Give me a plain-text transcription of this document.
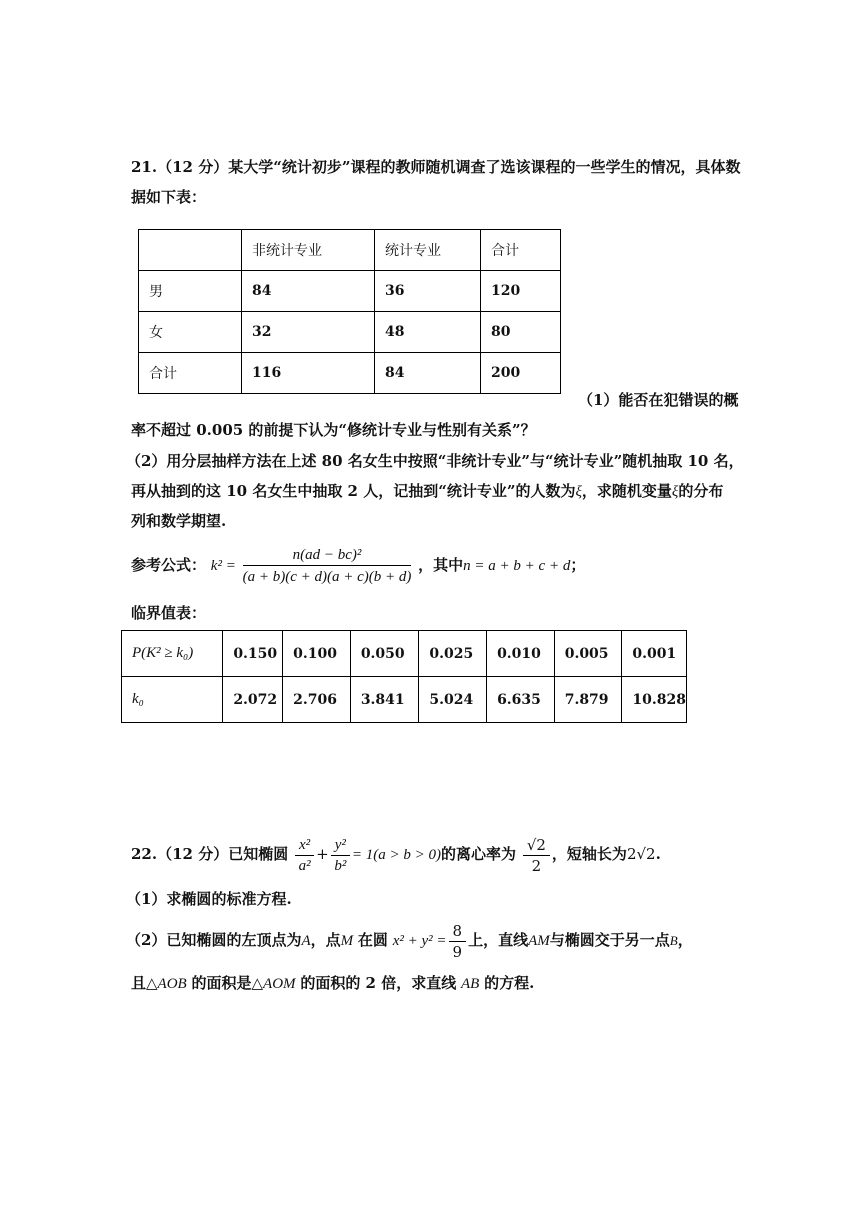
21.（12 分）某大学“统计初步”课程的教师随机调查了选该课程的一些学生的情况，具体数
据如下表：
	非统计专业	统计专业	合计
男	84	36	120
女	32	48	80
合计	116	84	200
（1）能否在犯错误的概
率不超过 0.005 的前提下认为“修统计专业与性别有关系”？
（2）用分层抽样方法在上述 80 名女生中按照“非统计专业”与“统计专业”随机抽取 10 名，
再从抽到的这 10 名女生中抽取 2 人，记抽到“统计专业”的人数为ξ，求随机变量ξ的分布
列和数学期望.
参考公式： $k^2 = \frac{\text{n(ad − bc)²}}{(a + b)(c + d)(a + c)(b + d)}$ ，其中n = a + b + c + d；
临界值表：
P(K² ≥ k₀)	0.150	0.100	0.050	0.025	0.010	0.005	0.001
k₀	2.072	2.706	3.841	5.024	6.635	7.879	10.828
22.（12 分）已知椭圆 $\frac{\text{x²}}{\text{a²}} + \frac{\text{y²}}{\text{b²}} = 1(a > b > 0)$的离心率为 $\frac{√2}{2}$ ，短轴长为2√2.
（1）求椭圆的标准方程.
（2）已知椭圆的左顶点为A，点M 在圆 $x^2 + y^2 = \frac{8}{9}$ 上，直线AM与椭圆交于另一点B，
且△AOB 的面积是△AOM 的面积的 2 倍，求直线 AB 的方程.
